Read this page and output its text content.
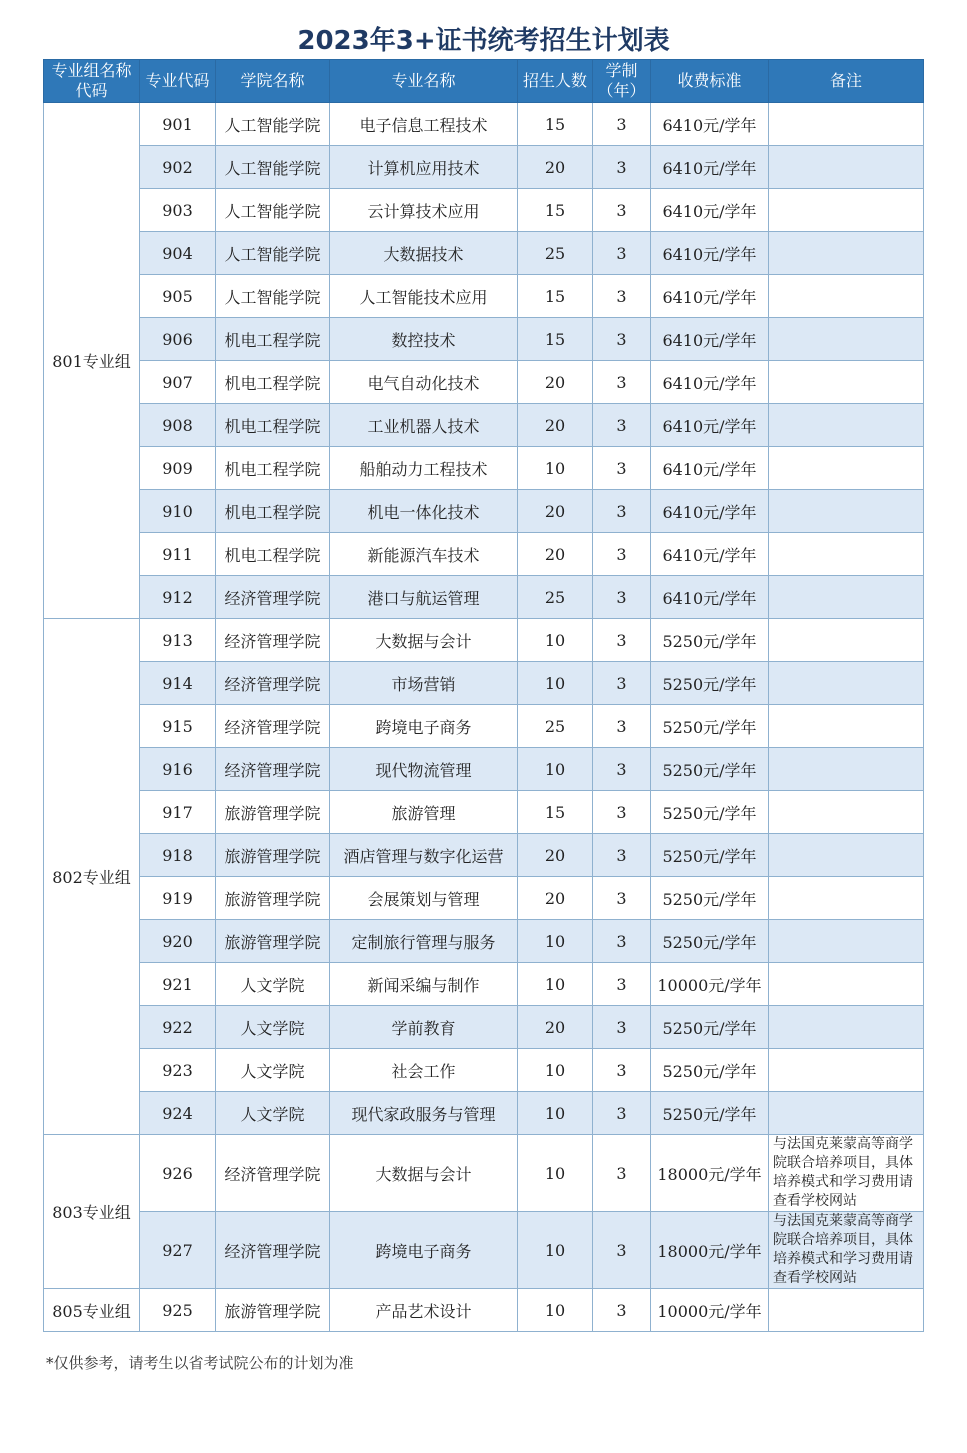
2023年3+证书统考招生计划表
专业组名称代码	专业代码	学院名称	专业名称	招生人数	学制（年）	收费标准	备注
801专业组	901	人工智能学院	电子信息工程技术	15	3	6410元/学年	
	902	人工智能学院	计算机应用技术	20	3	6410元/学年	
	903	人工智能学院	云计算技术应用	15	3	6410元/学年	
	904	人工智能学院	大数据技术	25	3	6410元/学年	
	905	人工智能学院	人工智能技术应用	15	3	6410元/学年	
	906	机电工程学院	数控技术	15	3	6410元/学年	
	907	机电工程学院	电气自动化技术	20	3	6410元/学年	
	908	机电工程学院	工业机器人技术	20	3	6410元/学年	
	909	机电工程学院	船舶动力工程技术	10	3	6410元/学年	
	910	机电工程学院	机电一体化技术	20	3	6410元/学年	
	911	机电工程学院	新能源汽车技术	20	3	6410元/学年	
	912	经济管理学院	港口与航运管理	25	3	6410元/学年	
802专业组	913	经济管理学院	大数据与会计	10	3	5250元/学年	
	914	经济管理学院	市场营销	10	3	5250元/学年	
	915	经济管理学院	跨境电子商务	25	3	5250元/学年	
	916	经济管理学院	现代物流管理	10	3	5250元/学年	
	917	旅游管理学院	旅游管理	15	3	5250元/学年	
	918	旅游管理学院	酒店管理与数字化运营	20	3	5250元/学年	
	919	旅游管理学院	会展策划与管理	20	3	5250元/学年	
	920	旅游管理学院	定制旅行管理与服务	10	3	5250元/学年	
	921	人文学院	新闻采编与制作	10	3	10000元/学年	
	922	人文学院	学前教育	20	3	5250元/学年	
	923	人文学院	社会工作	10	3	5250元/学年	
	924	人文学院	现代家政服务与管理	10	3	5250元/学年	
803专业组	926	经济管理学院	大数据与会计	10	3	18000元/学年	与法国克莱蒙高等商学院联合培养项目，具体培养模式和学习费用请查看学校网站
	927	经济管理学院	跨境电子商务	10	3	18000元/学年	与法国克莱蒙高等商学院联合培养项目，具体培养模式和学习费用请查看学校网站
805专业组	925	旅游管理学院	产品艺术设计	10	3	10000元/学年	
*仅供参考，请考生以省考试院公布的计划为准
